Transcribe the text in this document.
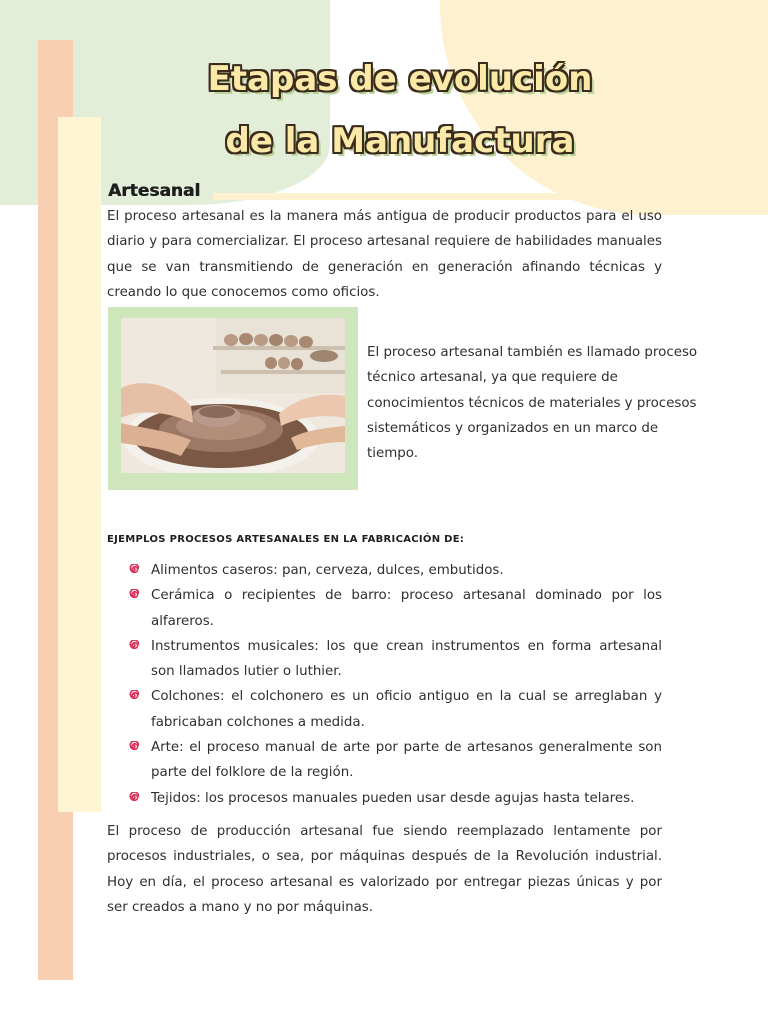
Etapas de evolución
de la Manufactura
Artesanal

El proceso artesanal es la manera más antigua de producir productos para el uso diario y para comercializar. El proceso artesanal requiere de habilidades manuales que se van transmitiendo de generación en generación afinando técnicas y creando lo que conocemos como oficios.

El proceso artesanal también es llamado proceso técnico artesanal, ya que requiere de conocimientos técnicos de materiales y procesos sistemáticos y organizados en un marco de tiempo.

EJEMPLOS PROCESOS ARTESANALES EN LA FABRICACIÓN DE:
Alimentos caseros: pan, cerveza, dulces, embutidos.
Cerámica o recipientes de barro: proceso artesanal dominado por los alfareros.
Instrumentos musicales: los que crean instrumentos en forma artesanal son llamados lutier o luthier.
Colchones: el colchonero es un oficio antiguo en la cual se arreglaban y fabricaban colchones a medida.
Arte: el proceso manual de arte por parte de artesanos generalmente son parte del folklore de la región.
Tejidos: los procesos manuales pueden usar desde agujas hasta telares.

El proceso de producción artesanal fue siendo reemplazado lentamente por procesos industriales, o sea, por máquinas después de la Revolución industrial. Hoy en día, el proceso artesanal es valorizado por entregar piezas únicas y por ser creados a mano y no por máquinas.
